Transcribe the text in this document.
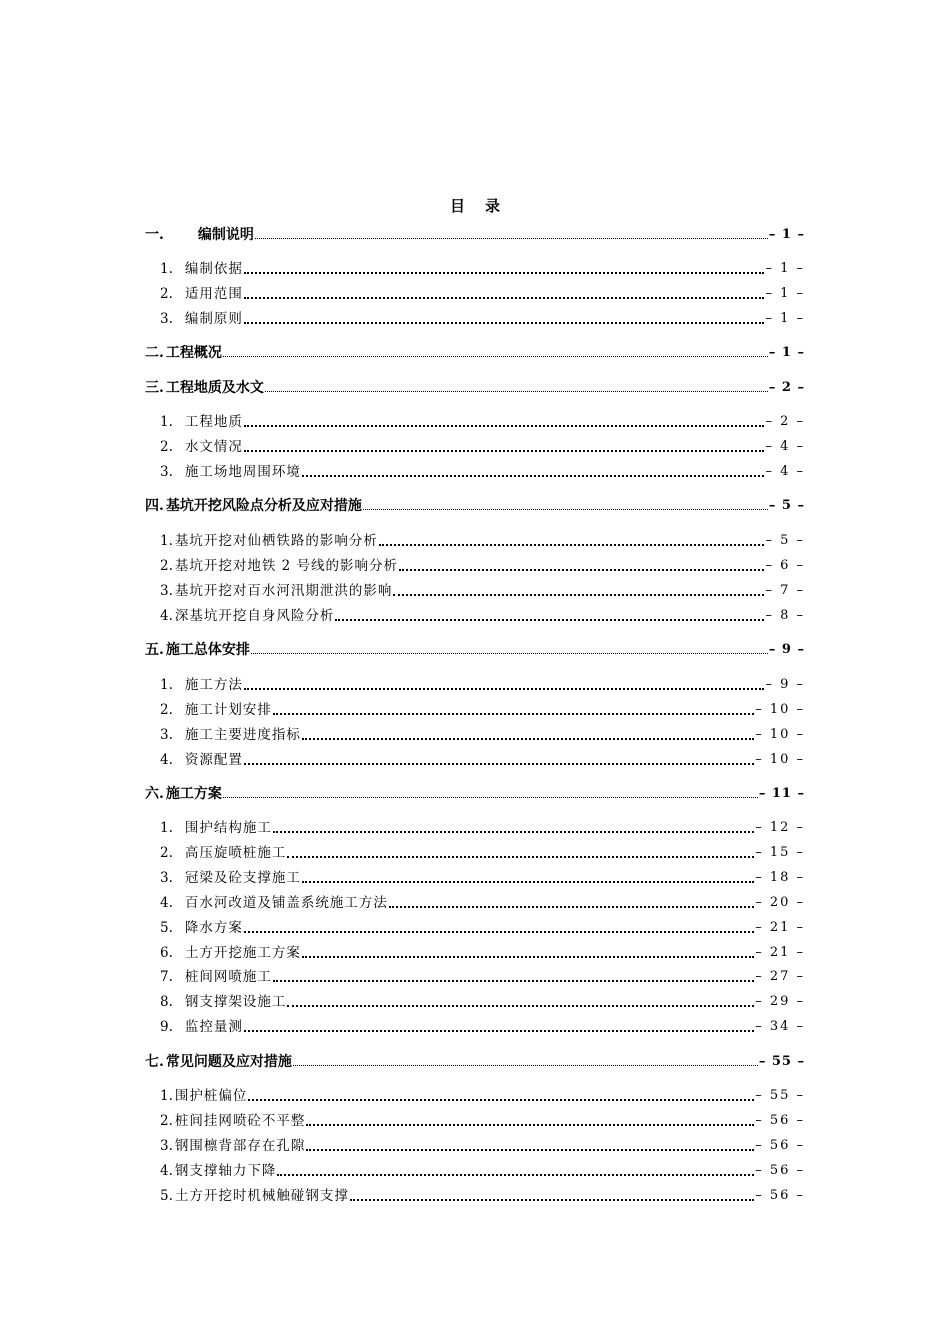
目 录
一. 编制说明	– 1 –
1. 编制依据	– 1 –
2. 适用范围	– 1 –
3. 编制原则	– 1 –
二. 工程概况	– 1 –
三. 工程地质及水文	– 2 –
1. 工程地质	– 2 –
2. 水文情况	– 4 –
3. 施工场地周围环境	– 4 –
四. 基坑开挖风险点分析及应对措施	– 5 –
1. 基坑开挖对仙栖铁路的影响分析	– 5 –
2. 基坑开挖对地铁 2 号线的影响分析	– 6 –
3. 基坑开挖对百水河汛期泄洪的影响	– 7 –
4. 深基坑开挖自身风险分析	– 8 –
五. 施工总体安排	– 9 –
1. 施工方法	– 9 –
2. 施工计划安排	– 10 –
3. 施工主要进度指标	– 10 –
4. 资源配置	– 10 –
六. 施工方案	– 11 –
1. 围护结构施工	– 12 –
2. 高压旋喷桩施工	– 15 –
3. 冠梁及砼支撑施工	– 18 –
4. 百水河改道及铺盖系统施工方法	– 20 –
5. 降水方案	– 21 –
6. 土方开挖施工方案	– 21 –
7. 桩间网喷施工	– 27 –
8. 钢支撑架设施工	– 29 –
9. 监控量测	– 34 –
七. 常见问题及应对措施	– 55 –
1. 围护桩偏位	– 55 –
2. 桩间挂网喷砼不平整	– 56 –
3. 钢围檩背部存在孔隙	– 56 –
4. 钢支撑轴力下降	– 56 –
5. 土方开挖时机械触碰钢支撑	– 56 –
